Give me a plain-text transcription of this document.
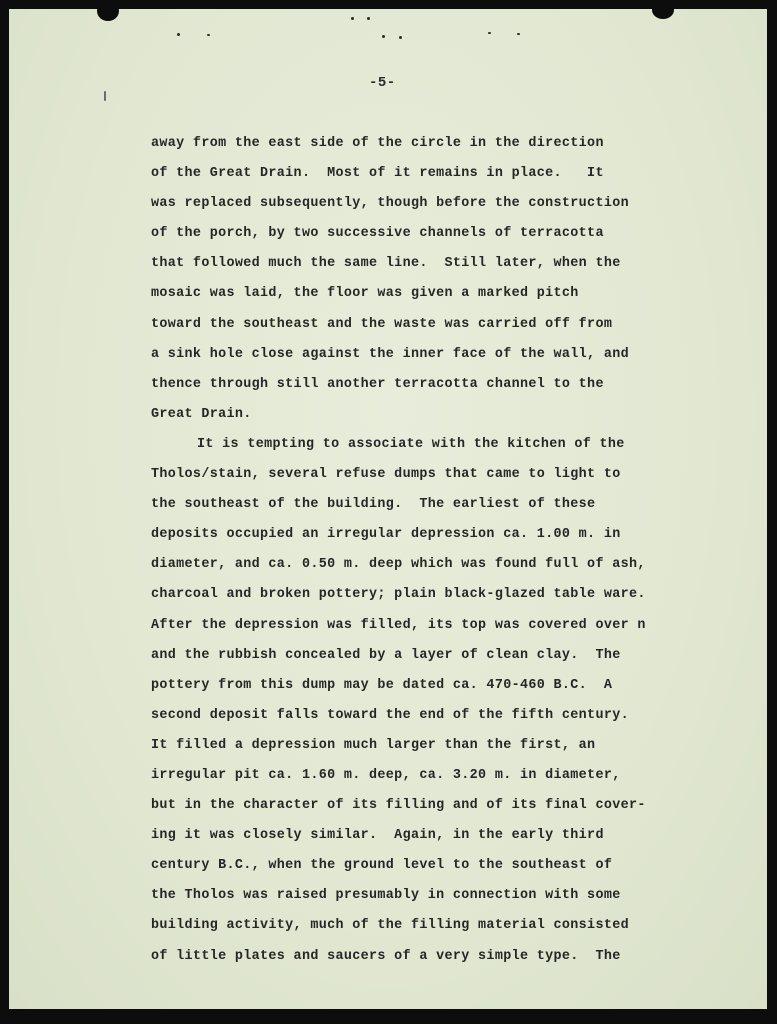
-5-
away from the east side of the circle in the direction
of the Great Drain.  Most of it remains in place.   It
was replaced subsequently, though before the construction
of the porch, by two successive channels of terracotta
that followed much the same line.  Still later, when the
mosaic was laid, the floor was given a marked pitch
toward the southeast and the waste was carried off from
a sink hole close against the inner face of the wall, and
thence through still another terracotta channel to the
Great Drain.
It is tempting to associate with the kitchen of the
Tholos/stain, several refuse dumps that came to light to
the southeast of the building.  The earliest of these
deposits occupied an irregular depression ca. 1.00 m. in
diameter, and ca. 0.50 m. deep which was found full of ash,
charcoal and broken pottery; plain black-glazed table ware.
After the depression was filled, its top was covered over n
and the rubbish concealed by a layer of clean clay.  The
pottery from this dump may be dated ca. 470-460 B.C.  A
second deposit falls toward the end of the fifth century.
It filled a depression much larger than the first, an
irregular pit ca. 1.60 m. deep, ca. 3.20 m. in diameter,
but in the character of its filling and of its final cover-
ing it was closely similar.  Again, in the early third
century B.C., when the ground level to the southeast of
the Tholos was raised presumably in connection with some
building activity, much of the filling material consisted
of little plates and saucers of a very simple type.  The
